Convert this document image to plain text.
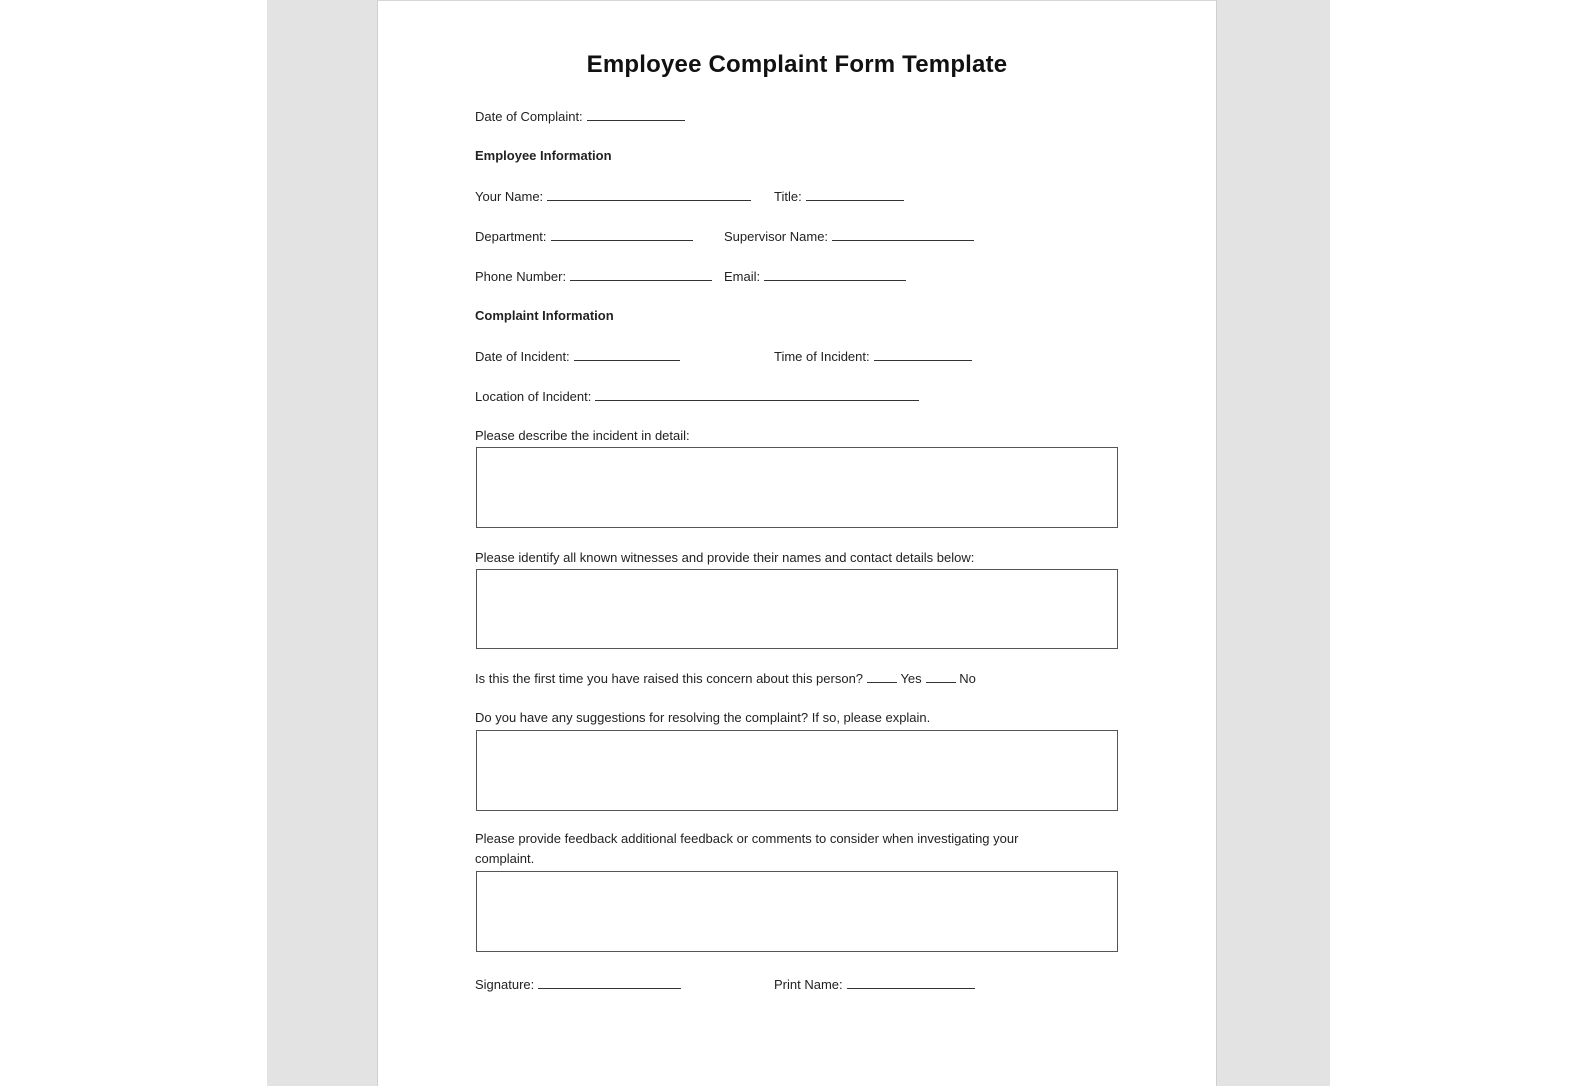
Employee Complaint Form Template
Date of Complaint:
Employee Information
Your Name:	Title:
Department:	Supervisor Name:
Phone Number:	Email:
Complaint Information
Date of Incident:	Time of Incident:
Location of Incident:
Please describe the incident in detail:
Please identify all known witnesses and provide their names and contact details below:
Is this the first time you have raised this concern about this person?	Yes	No
Do you have any suggestions for resolving the complaint? If so, please explain.
Please provide feedback additional feedback or comments to consider when investigating your
complaint.
Signature:	Print Name:
